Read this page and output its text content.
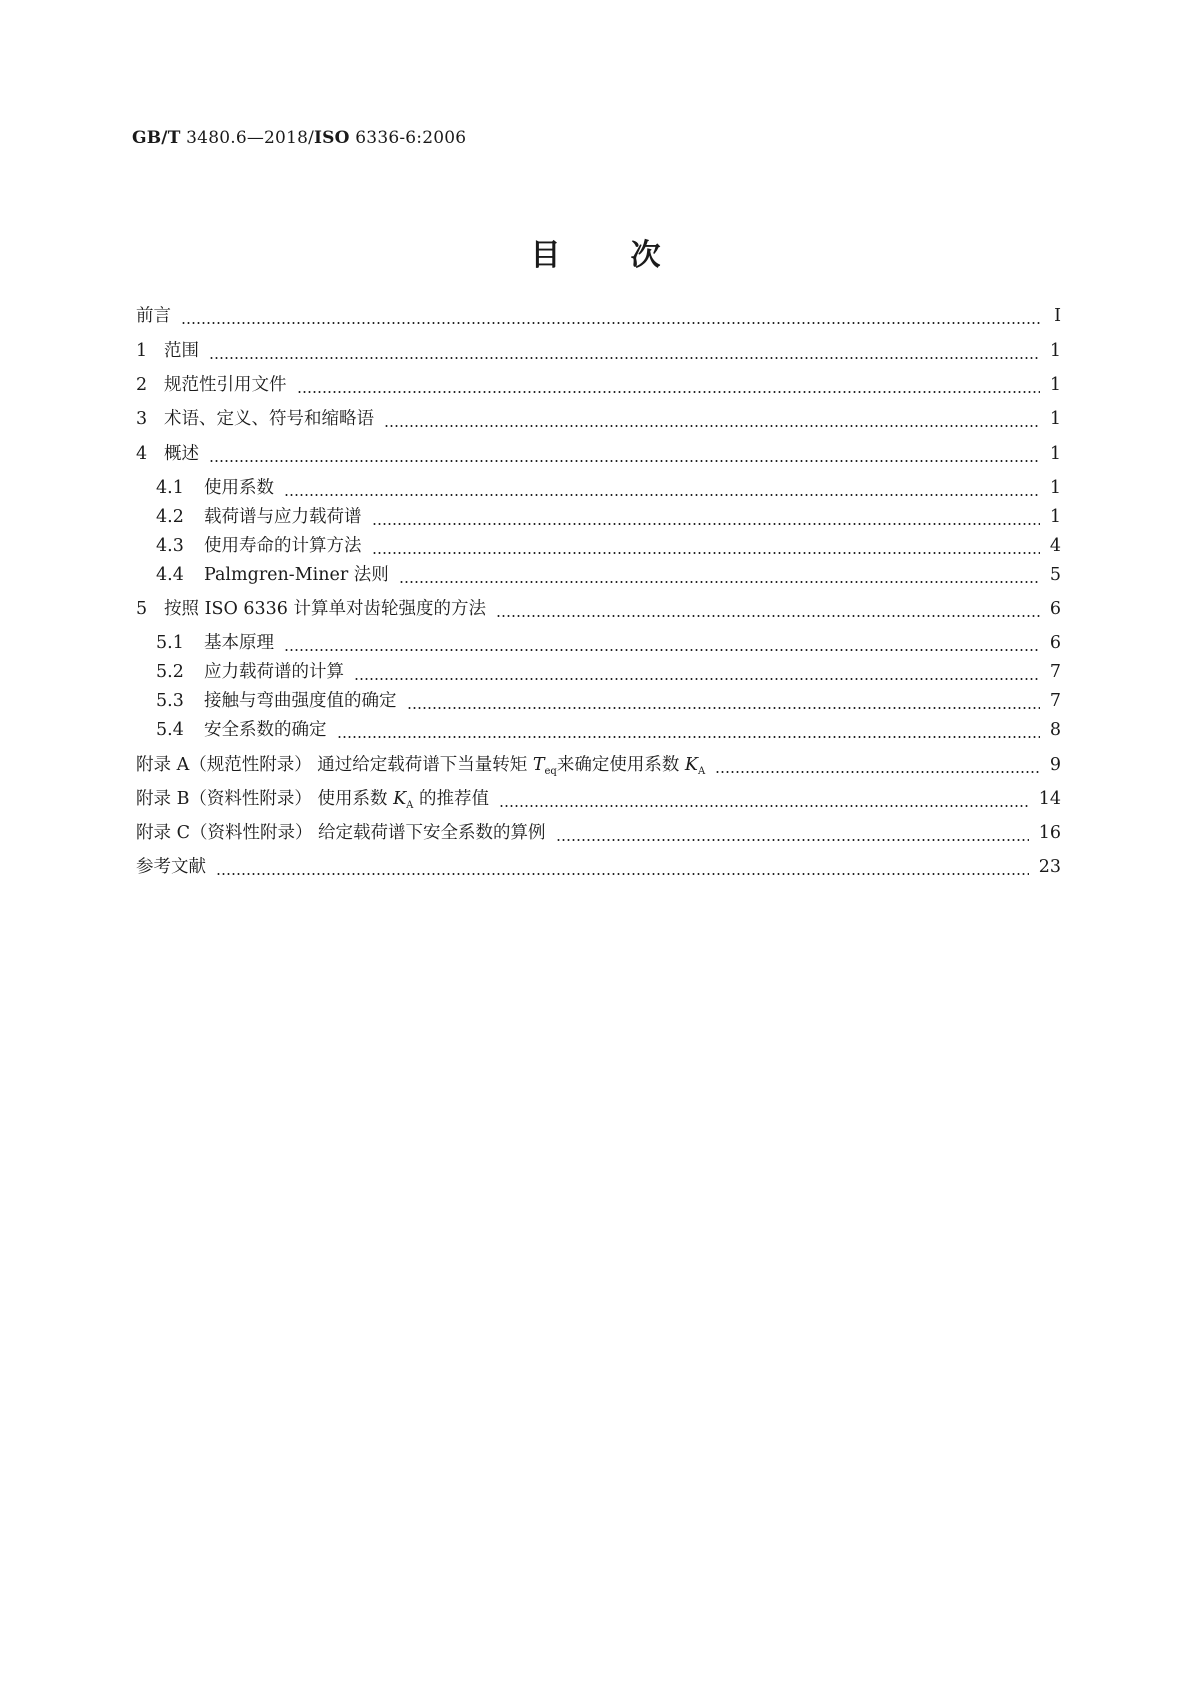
GB/T 3480.6—2018/ISO 6336-6:2006
目 次
前言	Ⅰ
1 范围	1
2 规范性引用文件	1
3 术语、定义、符号和缩略语	1
4 概述	1
4.1	使用系数	1
4.2	载荷谱与应力载荷谱	1
4.3	使用寿命的计算方法	4
4.4	Palmgren-Miner 法则	5
5 按照 ISO 6336 计算单对齿轮强度的方法	6
5.1	基本原理	6
5.2	应力载荷谱的计算	7
5.3	接触与弯曲强度值的确定	7
5.4	安全系数的确定	8
附录 A（规范性附录） 通过给定载荷谱下当量转矩 $T_{eq}$来确定使用系数 $K_A$	9
附录 B（资料性附录） 使用系数 $K_A$ 的推荐值	14
附录 C（资料性附录） 给定载荷谱下安全系数的算例	16
参考文献	23
